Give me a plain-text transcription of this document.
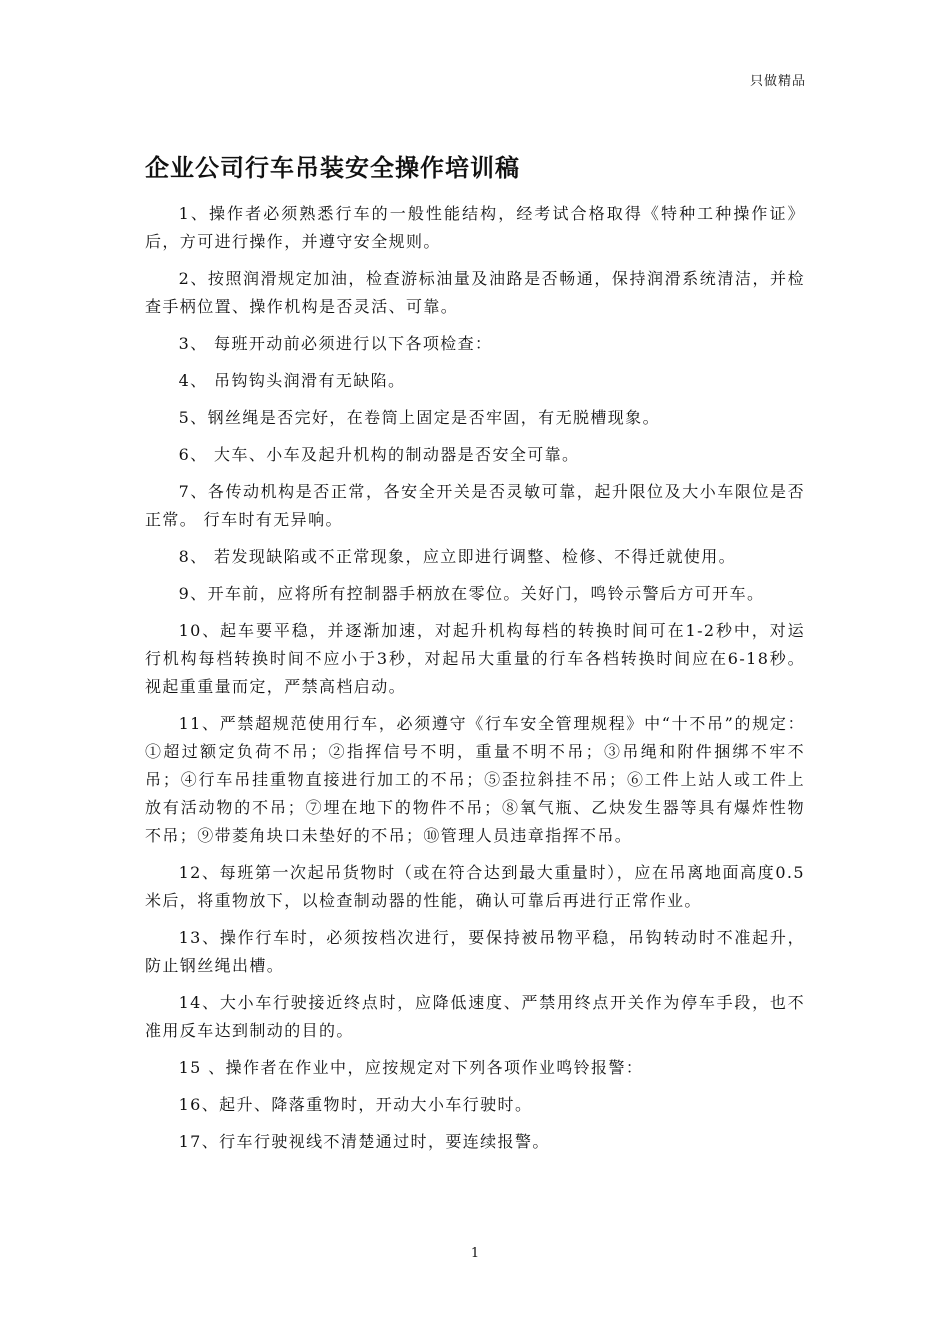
只做精品
企业公司行车吊装安全操作培训稿

1、操作者必须熟悉行车的一般性能结构，经考试合格取得《特种工种操作证》后，方可进行操作，并遵守安全规则。

2、按照润滑规定加油，检查游标油量及油路是否畅通，保持润滑系统清洁，并检查手柄位置、操作机构是否灵活、可靠。

3、 每班开动前必须进行以下各项检查：

4、 吊钩钩头润滑有无缺陷。

5、钢丝绳是否完好，在卷筒上固定是否牢固，有无脱槽现象。

6、 大车、小车及起升机构的制动器是否安全可靠。

7、各传动机构是否正常，各安全开关是否灵敏可靠，起升限位及大小车限位是否正常。 行车时有无异响。

8、 若发现缺陷或不正常现象，应立即进行调整、检修、不得迁就使用。

9、开车前，应将所有控制器手柄放在零位。关好门，鸣铃示警后方可开车。

10、起车要平稳，并逐渐加速，对起升机构每档的转换时间可在1-2秒中，对运行机构每档转换时间不应小于3秒，对起吊大重量的行车各档转换时间应在6-18秒。视起重重量而定，严禁高档启动。

11、严禁超规范使用行车，必须遵守《行车安全管理规程》中“十不吊”的规定：①超过额定负荷不吊；②指挥信号不明，重量不明不吊；③吊绳和附件捆绑不牢不吊；④行车吊挂重物直接进行加工的不吊；⑤歪拉斜挂不吊；⑥工件上站人或工件上放有活动物的不吊；⑦埋在地下的物件不吊；⑧氧气瓶、乙炔发生器等具有爆炸性物不吊；⑨带菱角块口未垫好的不吊；⑩管理人员违章指挥不吊。

12、每班第一次起吊货物时（或在符合达到最大重量时），应在吊离地面高度0.5米后，将重物放下，以检查制动器的性能，确认可靠后再进行正常作业。

13、操作行车时，必须按档次进行，要保持被吊物平稳，吊钩转动时不准起升，防止钢丝绳出槽。

14、大小车行驶接近终点时，应降低速度、严禁用终点开关作为停车手段，也不准用反车达到制动的目的。

15 、操作者在作业中，应按规定对下列各项作业鸣铃报警：

16、起升、降落重物时，开动大小车行驶时。

17、行车行驶视线不清楚通过时，要连续报警。

1
